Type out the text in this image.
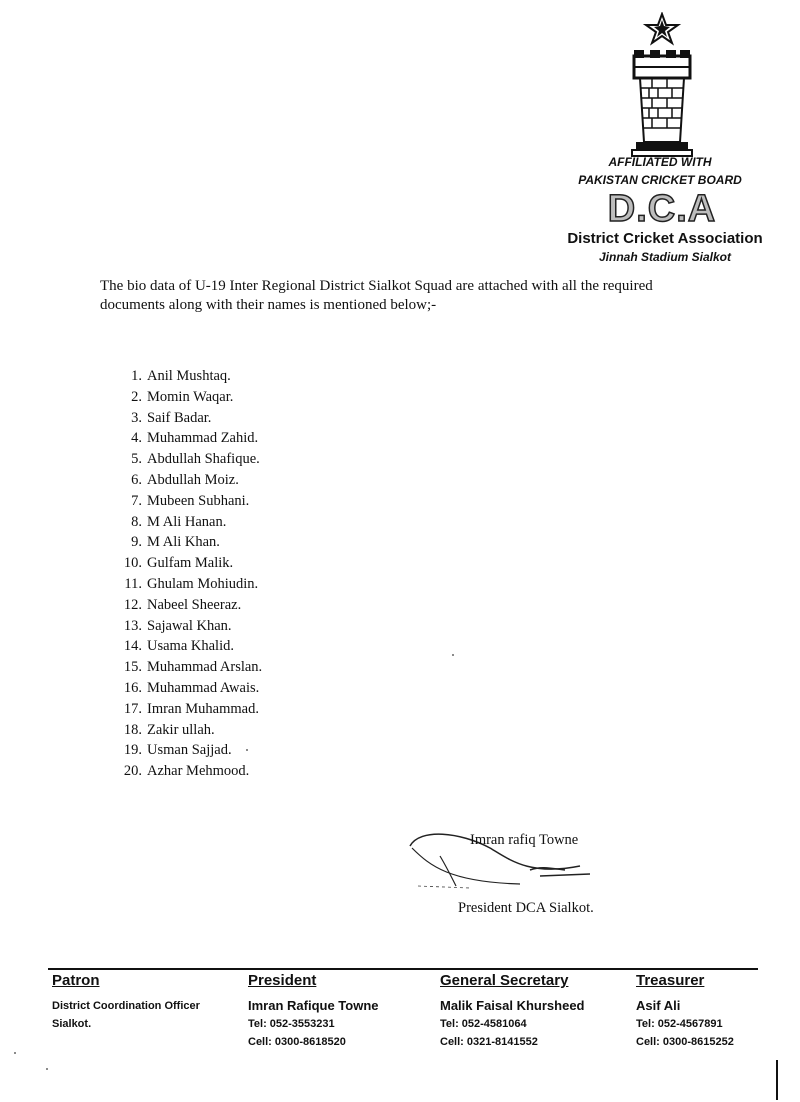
AFFILIATED WITH
PAKISTAN CRICKET BOARD
D.C.A
District Cricket Association
Jinnah Stadium Sialkot
The bio data of U-19 Inter Regional District Sialkot Squad are attached with all the required documents along with their names is mentioned below;-
1. Anil Mushtaq.
2. Momin Waqar.
3. Saif Badar.
4. Muhammad Zahid.
5. Abdullah Shafique.
6. Abdullah Moiz.
7. Mubeen Subhani.
8. M Ali Hanan.
9. M Ali Khan.
10. Gulfam Malik.
11. Ghulam Mohiudin.
12. Nabeel Sheeraz.
13. Sajawal Khan.
14. Usama Khalid.
15. Muhammad Arslan.
16. Muhammad Awais.
17. Imran Muhammad.
18. Zakir ullah.
19. Usman Sajjad.
20. Azhar Mehmood.
Imran rafiq Towne
President DCA Sialkot.
Patron
District Coordination Officer
Sialkot.
President
Imran Rafique Towne
Tel: 052-3553231
Cell: 0300-8618520
General Secretary
Malik Faisal Khursheed
Tel: 052-4581064
Cell: 0321-8141552
Treasurer
Asif Ali
Tel: 052-4567891
Cell: 0300-8615252
